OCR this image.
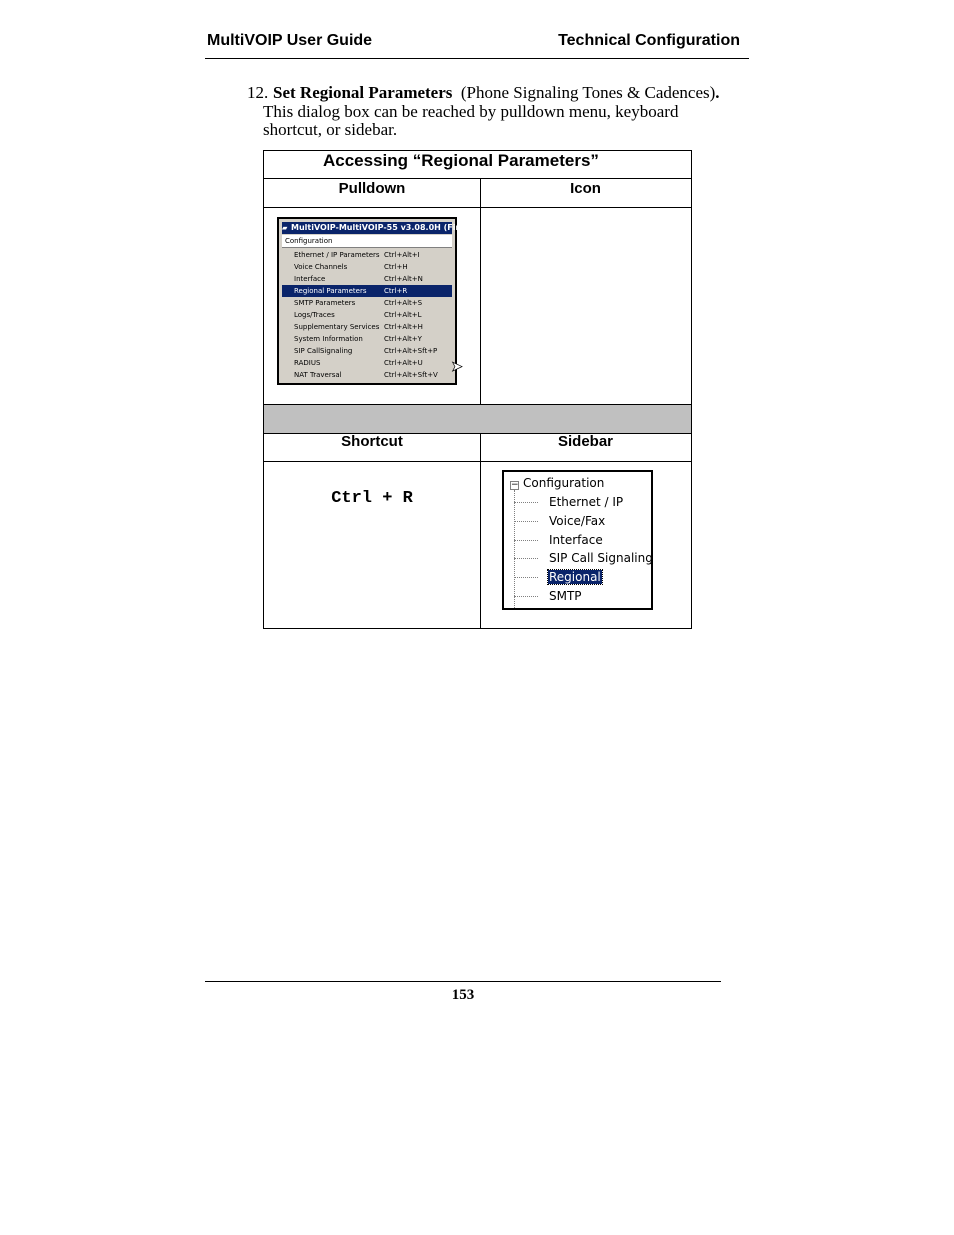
MultiVOIP User Guide	Technical Configuration
12. Set Regional Parameters (Phone Signaling Tones & Cadences).
This dialog box can be reached by pulldown menu, keyboard shortcut, or sidebar.
Accessing “Regional Parameters”
Pulldown	Icon
▰ MultiVOIP-MultiVOIP-55 v3.08.0H (Firmw
Configuration
Ethernet / IP Parameters Ctrl+Alt+I
Voice Channels	Ctrl+H
Interface	Ctrl+Alt+N
Regional Parameters	Ctrl+R
SMTP Parameters	Ctrl+Alt+S
Logs/Traces	Ctrl+Alt+L
Supplementary Services Ctrl+Alt+H
System Information	Ctrl+Alt+Y
SIP CallSignaling	Ctrl+Alt+Sft+P
RADIUS	Ctrl+Alt+U
NAT Traversal	Ctrl+Alt+Sft+V ➤
Shortcut	Sidebar
Ctrl + R
− Configuration
Ethernet / IP
Voice/Fax
Interface
SIP Call Signaling
Regional
SMTP
153
